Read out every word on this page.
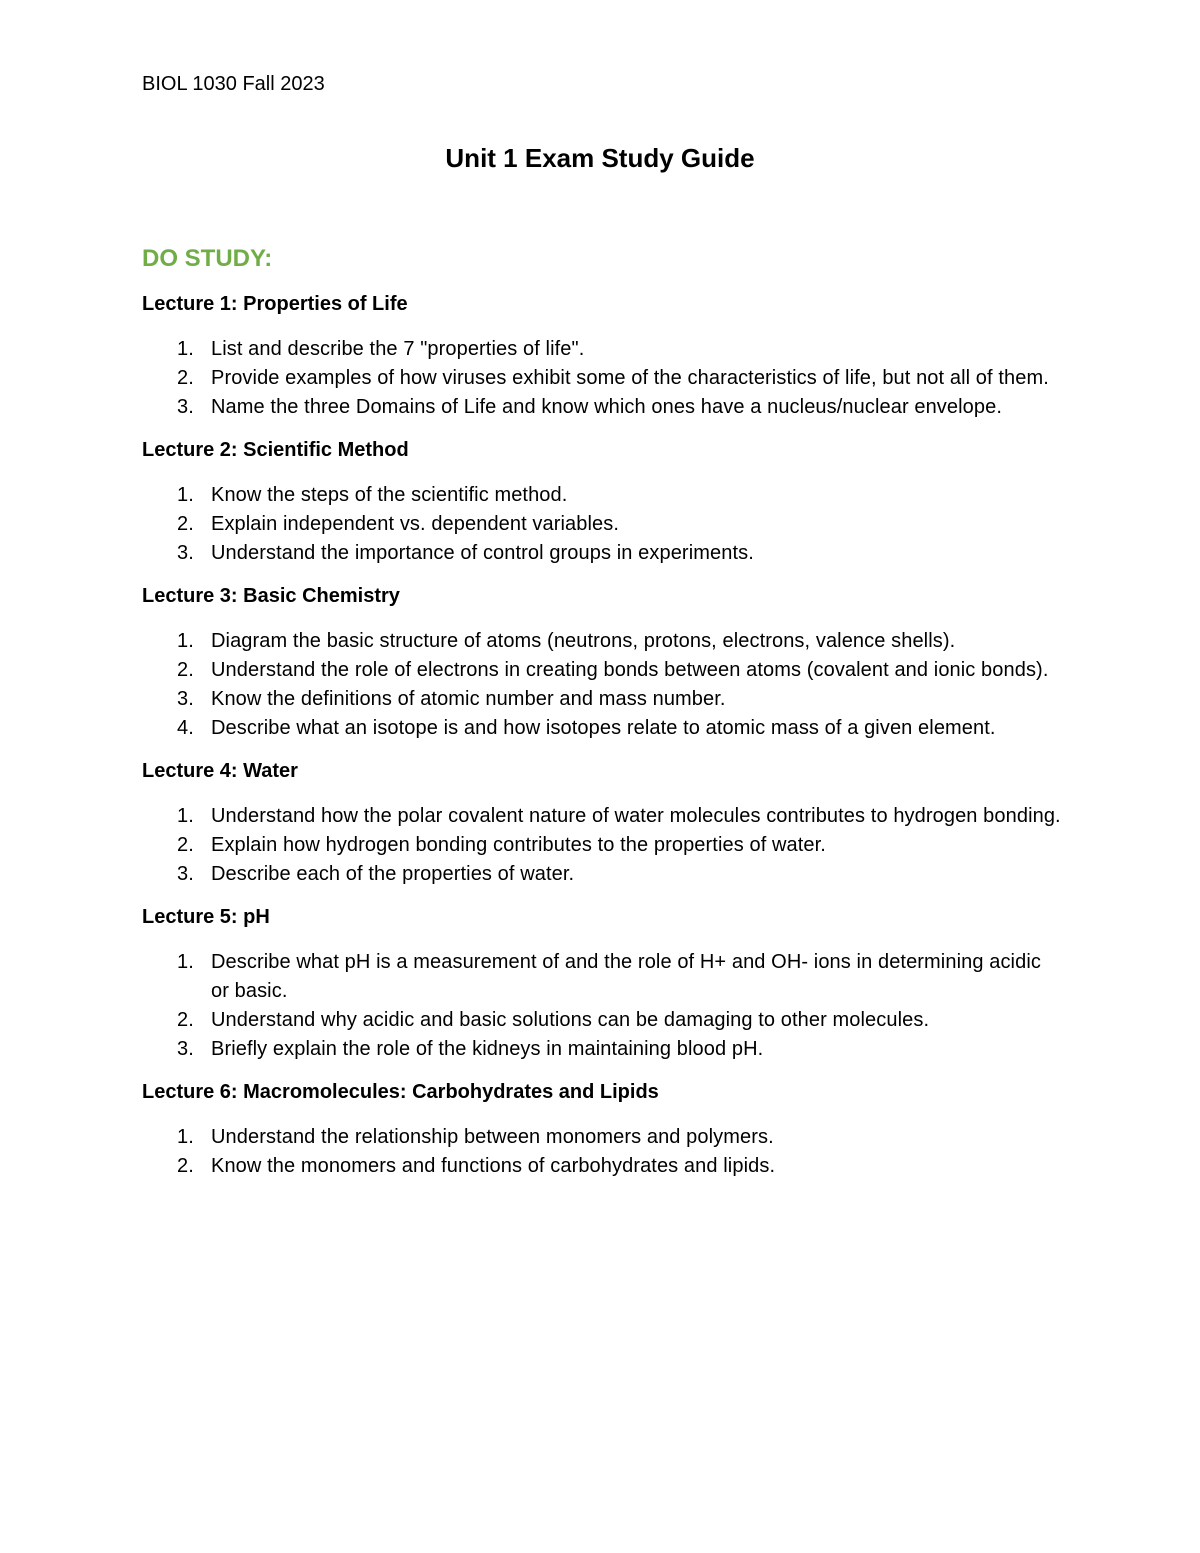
BIOL 1030 Fall 2023
Unit 1 Exam Study Guide
DO STUDY:
Lecture 1: Properties of Life
1. List and describe the 7 "properties of life".
2. Provide examples of how viruses exhibit some of the characteristics of life, but not all of them.
3. Name the three Domains of Life and know which ones have a nucleus/nuclear envelope.
Lecture 2: Scientific Method
1. Know the steps of the scientific method.
2. Explain independent vs. dependent variables.
3. Understand the importance of control groups in experiments.
Lecture 3: Basic Chemistry
1. Diagram the basic structure of atoms (neutrons, protons, electrons, valence shells).
2. Understand the role of electrons in creating bonds between atoms (covalent and ionic bonds).
3. Know the definitions of atomic number and mass number.
4. Describe what an isotope is and how isotopes relate to atomic mass of a given element.
Lecture 4: Water
1. Understand how the polar covalent nature of water molecules contributes to hydrogen bonding.
2. Explain how hydrogen bonding contributes to the properties of water.
3. Describe each of the properties of water.
Lecture 5: pH
1. Describe what pH is a measurement of and the role of H+ and OH- ions in determining acidic or basic.
2. Understand why acidic and basic solutions can be damaging to other molecules.
3. Briefly explain the role of the kidneys in maintaining blood pH.
Lecture 6: Macromolecules: Carbohydrates and Lipids
1. Understand the relationship between monomers and polymers.
2. Know the monomers and functions of carbohydrates and lipids.
